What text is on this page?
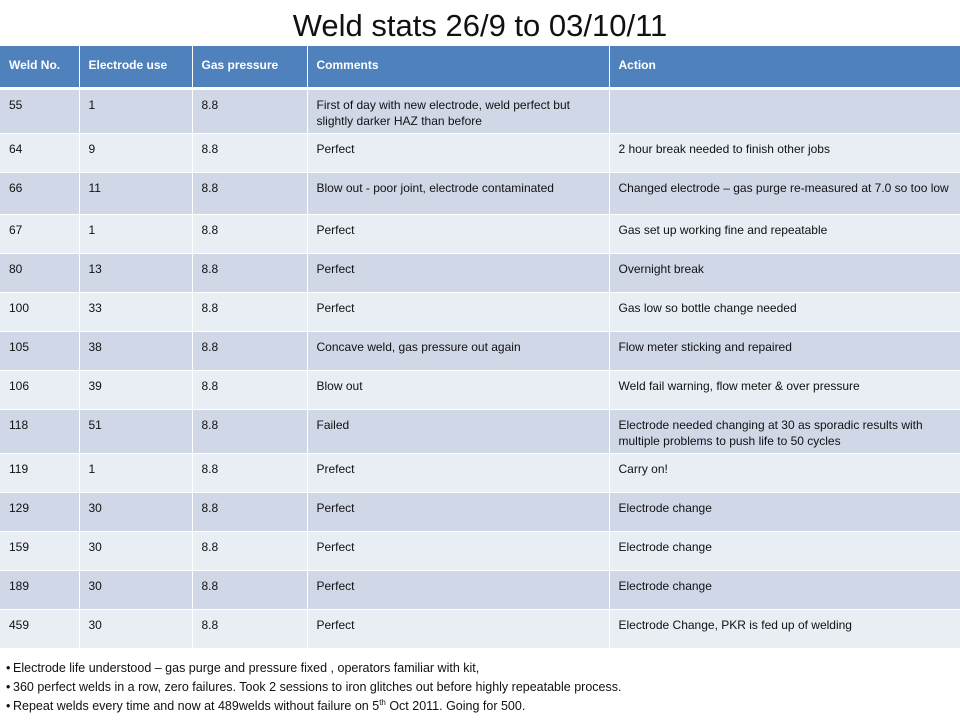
Weld stats 26/9 to 03/10/11
Weld No.	Electrode use	Gas pressure	Comments	Action
55	1	8.8	First of day with new electrode, weld perfect but slightly darker HAZ than before	
64	9	8.8	Perfect	2 hour break needed to finish other jobs
66	11	8.8	Blow out - poor joint, electrode contaminated	Changed electrode – gas purge re-measured at 7.0 so too low
67	1	8.8	Perfect	Gas set up working fine and repeatable
80	13	8.8	Perfect	Overnight break
100	33	8.8	Perfect	Gas low so bottle change needed
105	38	8.8	Concave weld, gas pressure out again	Flow meter sticking and repaired
106	39	8.8	Blow out	Weld fail warning, flow meter & over pressure
118	51	8.8	Failed	Electrode needed changing at 30 as sporadic results with multiple problems to push life to 50 cycles
119	1	8.8	Prefect	Carry on!
129	30	8.8	Perfect	Electrode change
159	30	8.8	Perfect	Electrode change
189	30	8.8	Perfect	Electrode change
459	30	8.8	Perfect	Electrode Change, PKR is fed up of welding
• Electrode life understood – gas purge and pressure fixed , operators familiar with kit,
• 360 perfect welds in a row, zero failures. Took 2 sessions to iron glitches out before highly repeatable process.
• Repeat welds every time and now at 489welds without failure on 5th Oct 2011. Going for 500.
